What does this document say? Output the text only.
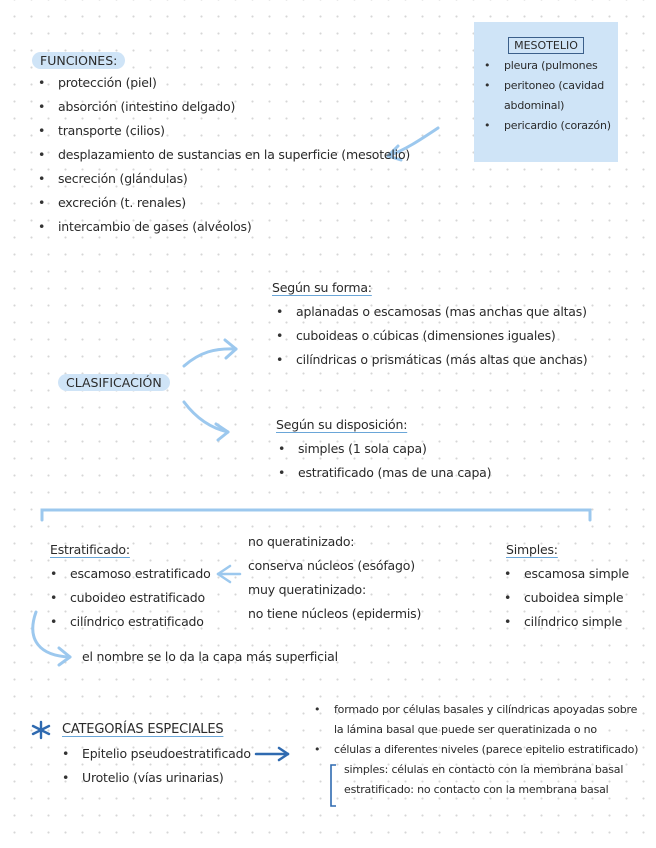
FUNCIONES:
• protección (piel)
• absorción (intestino delgado)
• transporte (cilios)
• desplazamiento de sustancias en la superficie (mesotelio)
• secreción (glándulas)
• excreción (t. renales)
• intercambio de gases (alvéolos)
MESOTELIO
• pleura (pulmones
• peritoneo (cavidad
abdominal)
• pericardio (corazón)
Según su forma:
• aplanadas o escamosas (mas anchas que altas)
• cuboideas o cúbicas (dimensiones iguales)
• cilíndricas o prismáticas (más altas que anchas)
CLASIFICACIÓN
Según su disposición:
• simples (1 sola capa)
• estratificado (mas de una capa)
Estratificado:
• escamoso estratificado
• cuboideo estratificado
• cilíndrico estratificado
no queratinizado:
conserva núcleos (esófago)
muy queratinizado:
no tiene núcleos (epidermis)
Simples:
• escamosa simple
• cuboidea simple
• cilíndrico simple
el nombre se lo da la capa más superficial
CATEGORÍAS ESPECIALES
• Epitelio pseudoestratificado
• Urotelio (vías urinarias)
• formado por células basales y cilíndricas apoyadas sobre
la lámina basal que puede ser queratinizada o no
• células a diferentes niveles (parece epitelio estratificado)
simples: células en contacto con la membrana basal
estratificado: no contacto con la membrana basal
